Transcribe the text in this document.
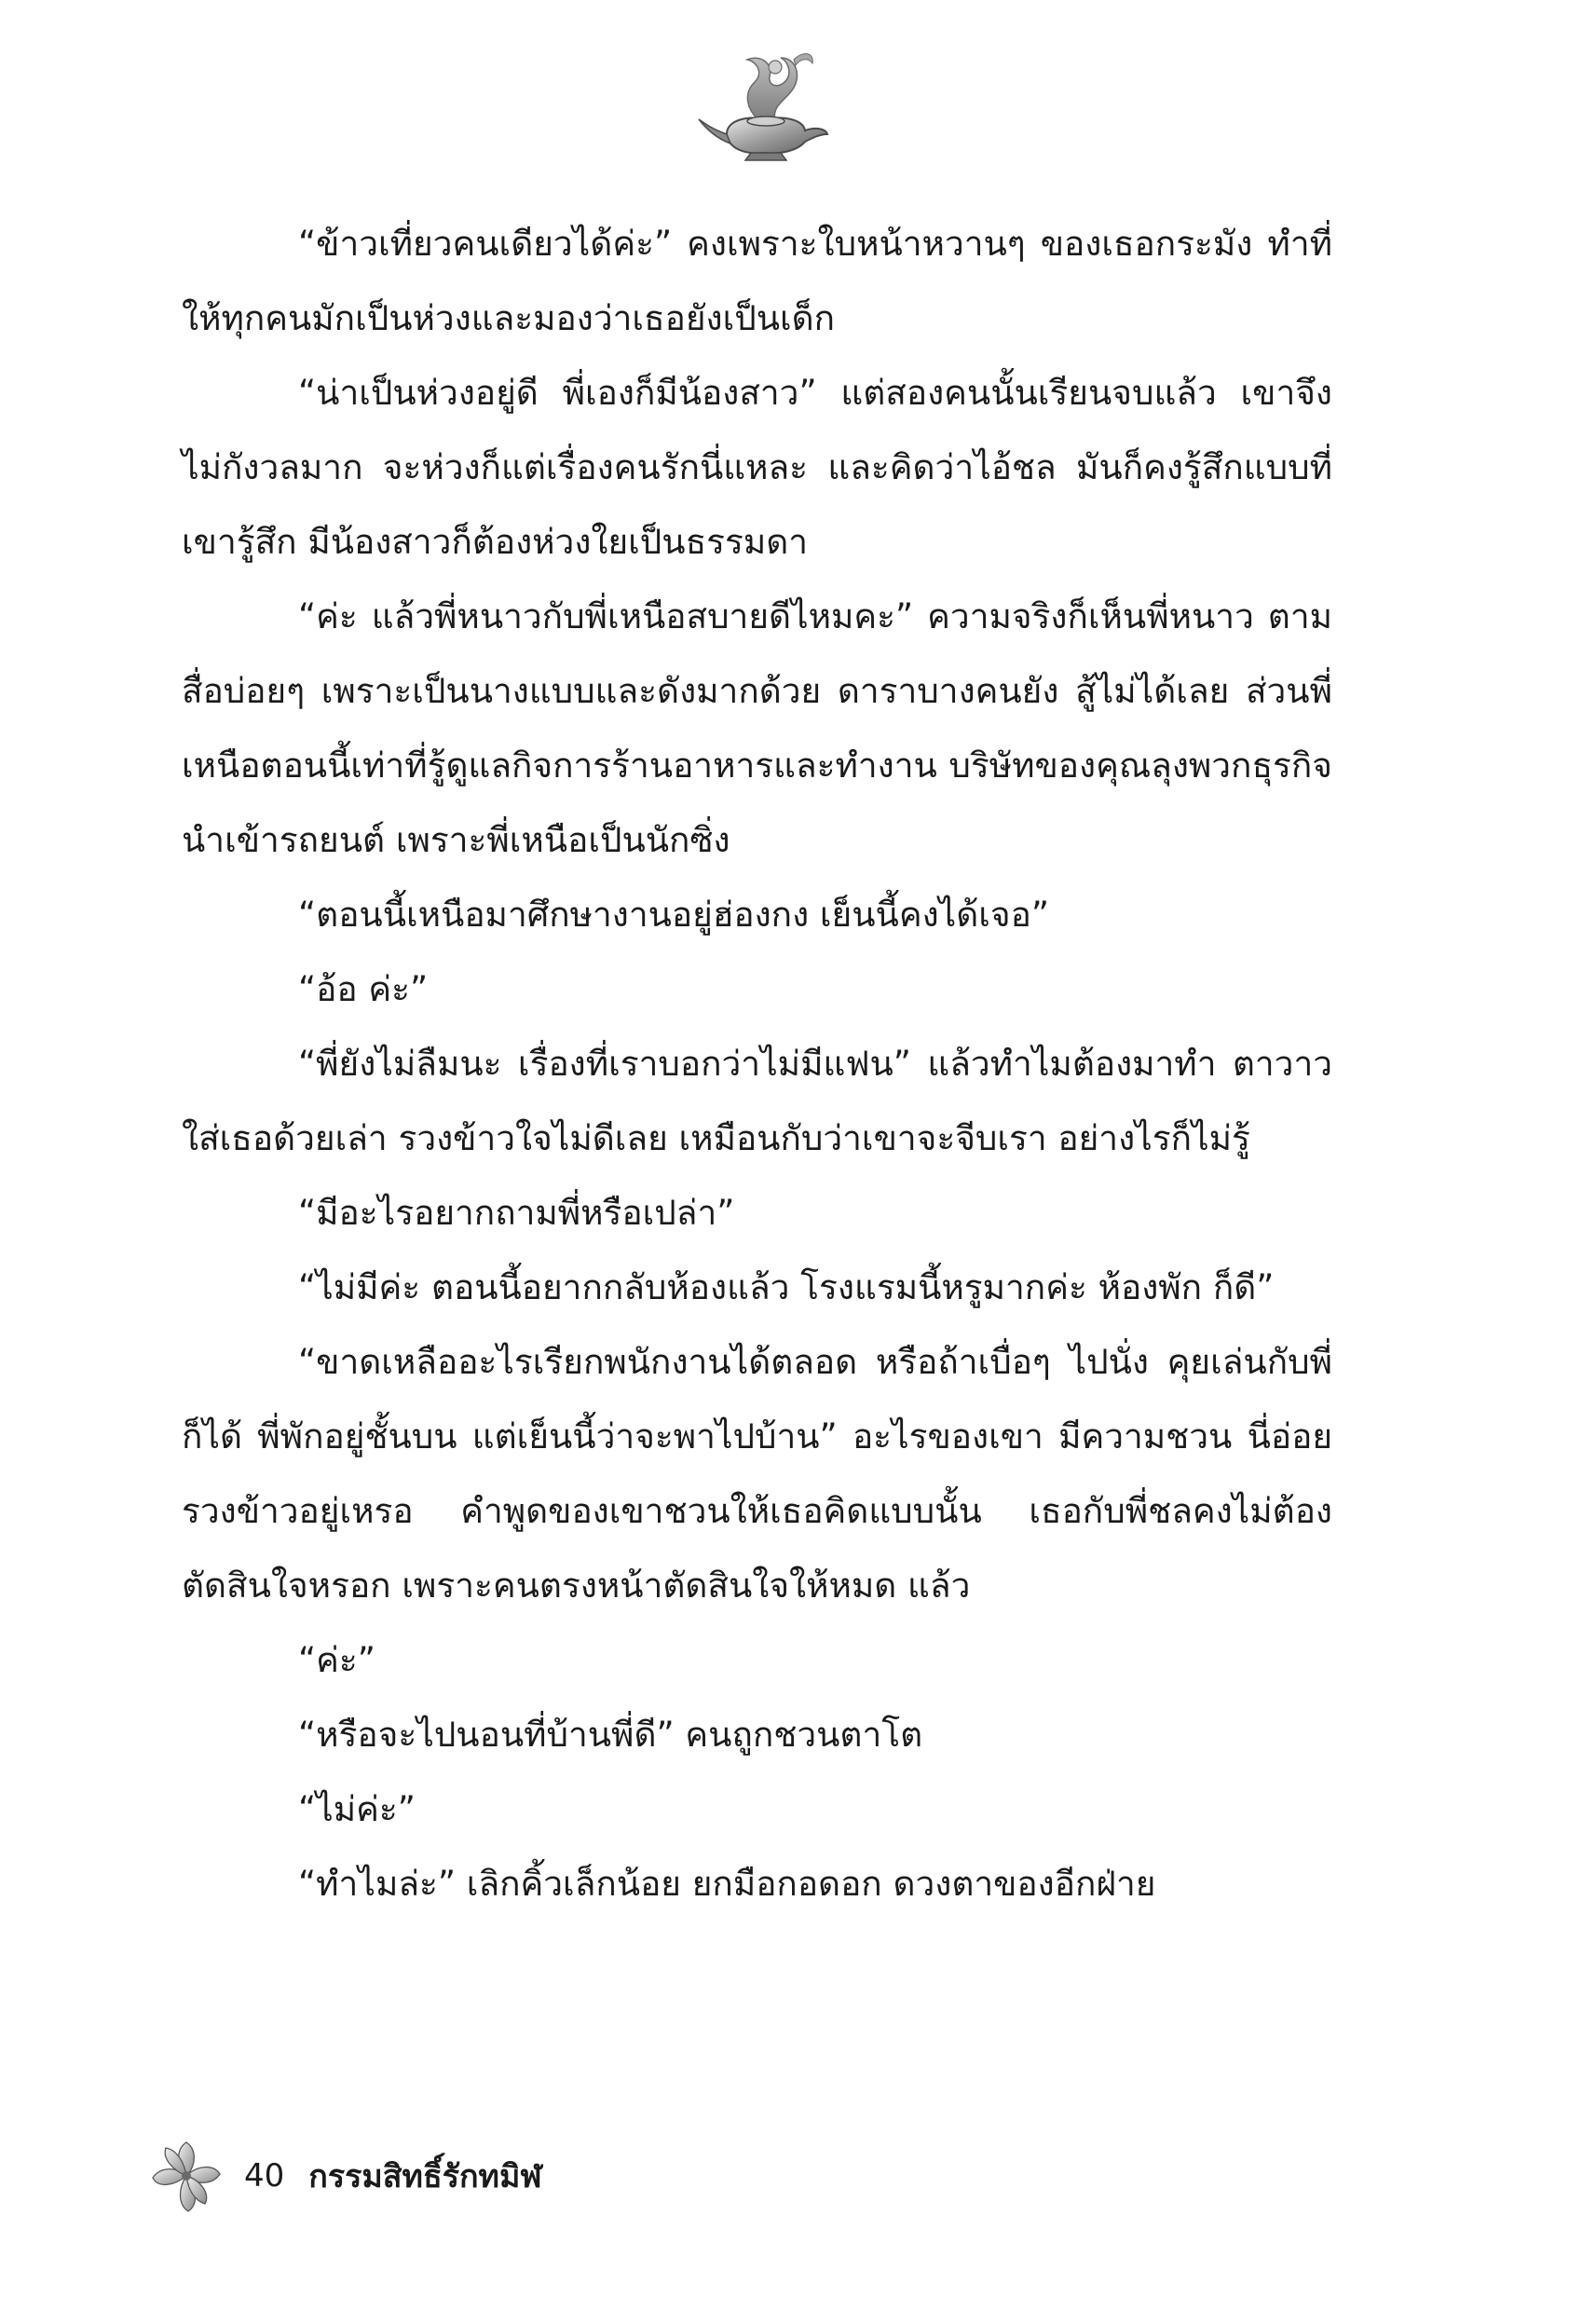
“ข้าวเที่ยวคนเดียวได้ค่ะ” คงเพราะใบหน้าหวานๆ ของเธอกระมัง ทำที่ให้ทุกคนมักเป็นห่วงและมองว่าเธอยังเป็นเด็ก

“น่าเป็นห่วงอยู่ดี พี่เองก็มีน้องสาว” แต่สองคนนั้นเรียนจบแล้ว เขาจึงไม่กังวลมาก จะห่วงก็แต่เรื่องคนรักนี่แหละ และคิดว่าไอ้ชล มันก็คงรู้สึกแบบที่เขารู้สึก มีน้องสาวก็ต้องห่วงใยเป็นธรรมดา

“ค่ะ แล้วพี่หนาวกับพี่เหนือสบายดีไหมคะ” ความจริงก็เห็นพี่หนาว ตามสื่อบ่อยๆ เพราะเป็นนางแบบและดังมากด้วย ดาราบางคนยัง สู้ไม่ได้เลย ส่วนพี่เหนือตอนนี้เท่าที่รู้ดูแลกิจการร้านอาหารและทำงาน บริษัทของคุณลุงพวกธุรกิจนำเข้ารถยนต์ เพราะพี่เหนือเป็นนักซิ่ง

“ตอนนี้เหนือมาศึกษางานอยู่ฮ่องกง เย็นนี้คงได้เจอ”

“อ้อ ค่ะ”

“พี่ยังไม่ลืมนะ เรื่องที่เราบอกว่าไม่มีแฟน” แล้วทำไมต้องมาทำ ตาวาวใส่เธอด้วยเล่า รวงข้าวใจไม่ดีเลย เหมือนกับว่าเขาจะจีบเรา อย่างไรก็ไม่รู้

“มีอะไรอยากถามพี่หรือเปล่า”

“ไม่มีค่ะ ตอนนี้อยากกลับห้องแล้ว โรงแรมนี้หรูมากค่ะ ห้องพัก ก็ดี”

“ขาดเหลืออะไรเรียกพนักงานได้ตลอด หรือถ้าเบื่อๆ ไปนั่ง คุยเล่นกับพี่ก็ได้ พี่พักอยู่ชั้นบน แต่เย็นนี้ว่าจะพาไปบ้าน” อะไรของเขา มีความชวน นี่อ่อยรวงข้าวอยู่เหรอ คำพูดของเขาชวนให้เธอคิดแบบนั้น เธอกับพี่ชลคงไม่ต้องตัดสินใจหรอก เพราะคนตรงหน้าตัดสินใจให้หมด แล้ว

“ค่ะ”

“หรือจะไปนอนที่บ้านพี่ดี” คนถูกชวนตาโต

“ไม่ค่ะ”

“ทำไมล่ะ” เลิกคิ้วเล็กน้อย ยกมือกอดอก ดวงตาของอีกฝ่าย

40 กรรมสิทธิ์รักทมิฬ
